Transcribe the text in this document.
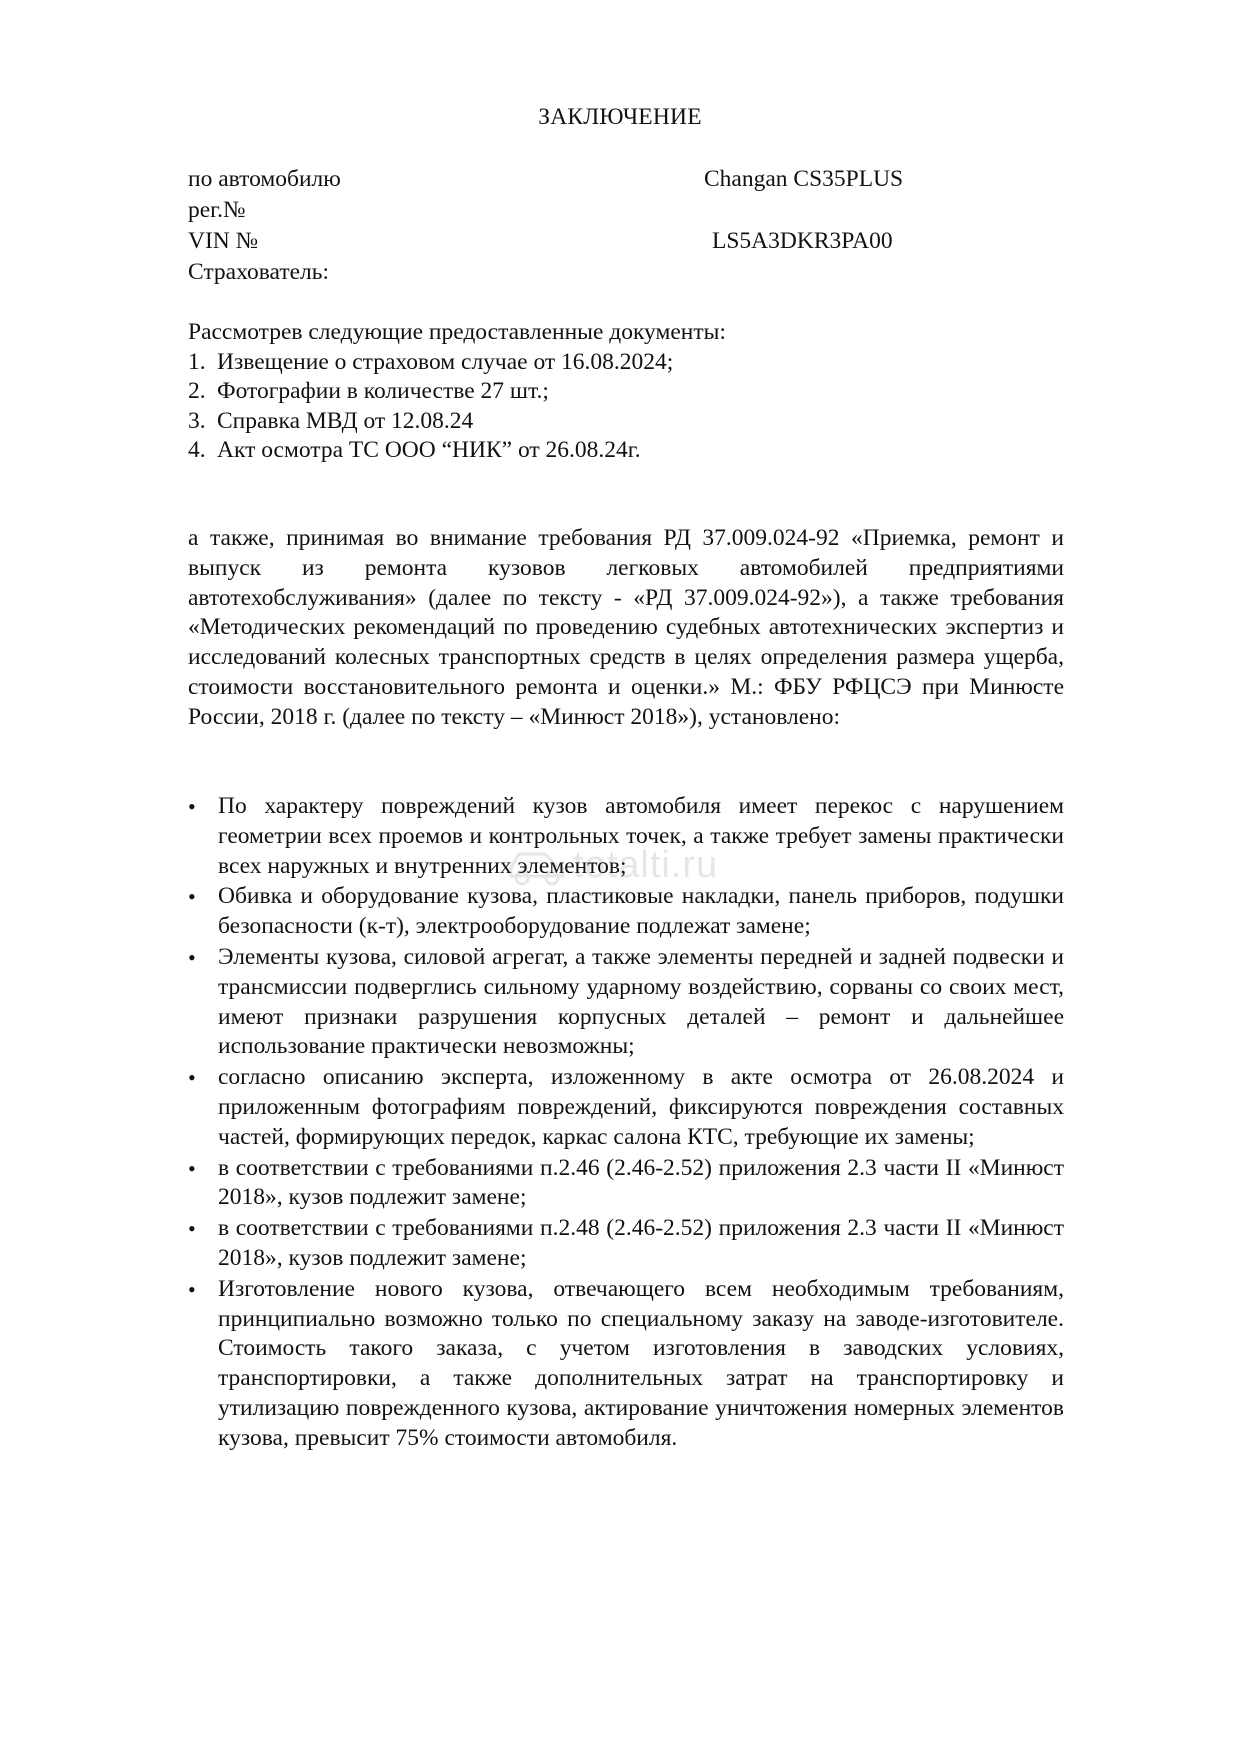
ЗАКЛЮЧЕНИЕ
по автомобилю	Changan CS35PLUS
рег.№
VIN №	LS5A3DKR3PA00
Страхователь:
Рассмотрев следующие предоставленные документы:
1. Извещение о страховом случае от 16.08.2024;
2. Фотографии в количестве 27 шт.;
3. Справка МВД от 12.08.24
4. Акт осмотра ТС ООО “НИК” от 26.08.24г.
а также, принимая во внимание требования РД 37.009.024-92 «Приемка, ремонт и выпуск из ремонта кузовов легковых автомобилей предприятиями автотехобслуживания» (далее по тексту - «РД 37.009.024-92»), а также требования «Методических рекомендаций по проведению судебных автотехнических экспертиз и исследований колесных транспортных средств в целях определения размера ущерба, стоимости восстановительного ремонта и оценки.» М.: ФБУ РФЦСЭ при Минюсте России, 2018 г. (далее по тексту – «Минюст 2018»), установлено:
• По характеру повреждений кузов автомобиля имеет перекос с нарушением геометрии всех проемов и контрольных точек, а также требует замены практически всех наружных и внутренних элементов;
• Обивка и оборудование кузова, пластиковые накладки, панель приборов, подушки безопасности (к-т), электрооборудование подлежат замене;
• Элементы кузова, силовой агрегат, а также элементы передней и задней подвески и трансмиссии подверглись сильному ударному воздействию, сорваны со своих мест, имеют признаки разрушения корпусных деталей – ремонт и дальнейшее использование практически невозможны;
• согласно описанию эксперта, изложенному в акте осмотра от 26.08.2024 и приложенным фотографиям повреждений, фиксируются повреждения составных частей, формирующих передок, каркас салона КТС, требующие их замены;
• в соответствии с требованиями п.2.46 (2.46-2.52) приложения 2.3 части II «Минюст 2018», кузов подлежит замене;
• в соответствии с требованиями п.2.48 (2.46-2.52) приложения 2.3 части II «Минюст 2018», кузов подлежит замене;
• Изготовление нового кузова, отвечающего всем необходимым требованиям, принципиально возможно только по специальному заказу на заводе-изготовителе. Стоимость такого заказа, с учетом изготовления в заводских условиях, транспортировки, а также дополнительных затрат на транспортировку и утилизацию поврежденного кузова, актирование уничтожения номерных элементов кузова, превысит 75% стоимости автомобиля.
totalti.ru
